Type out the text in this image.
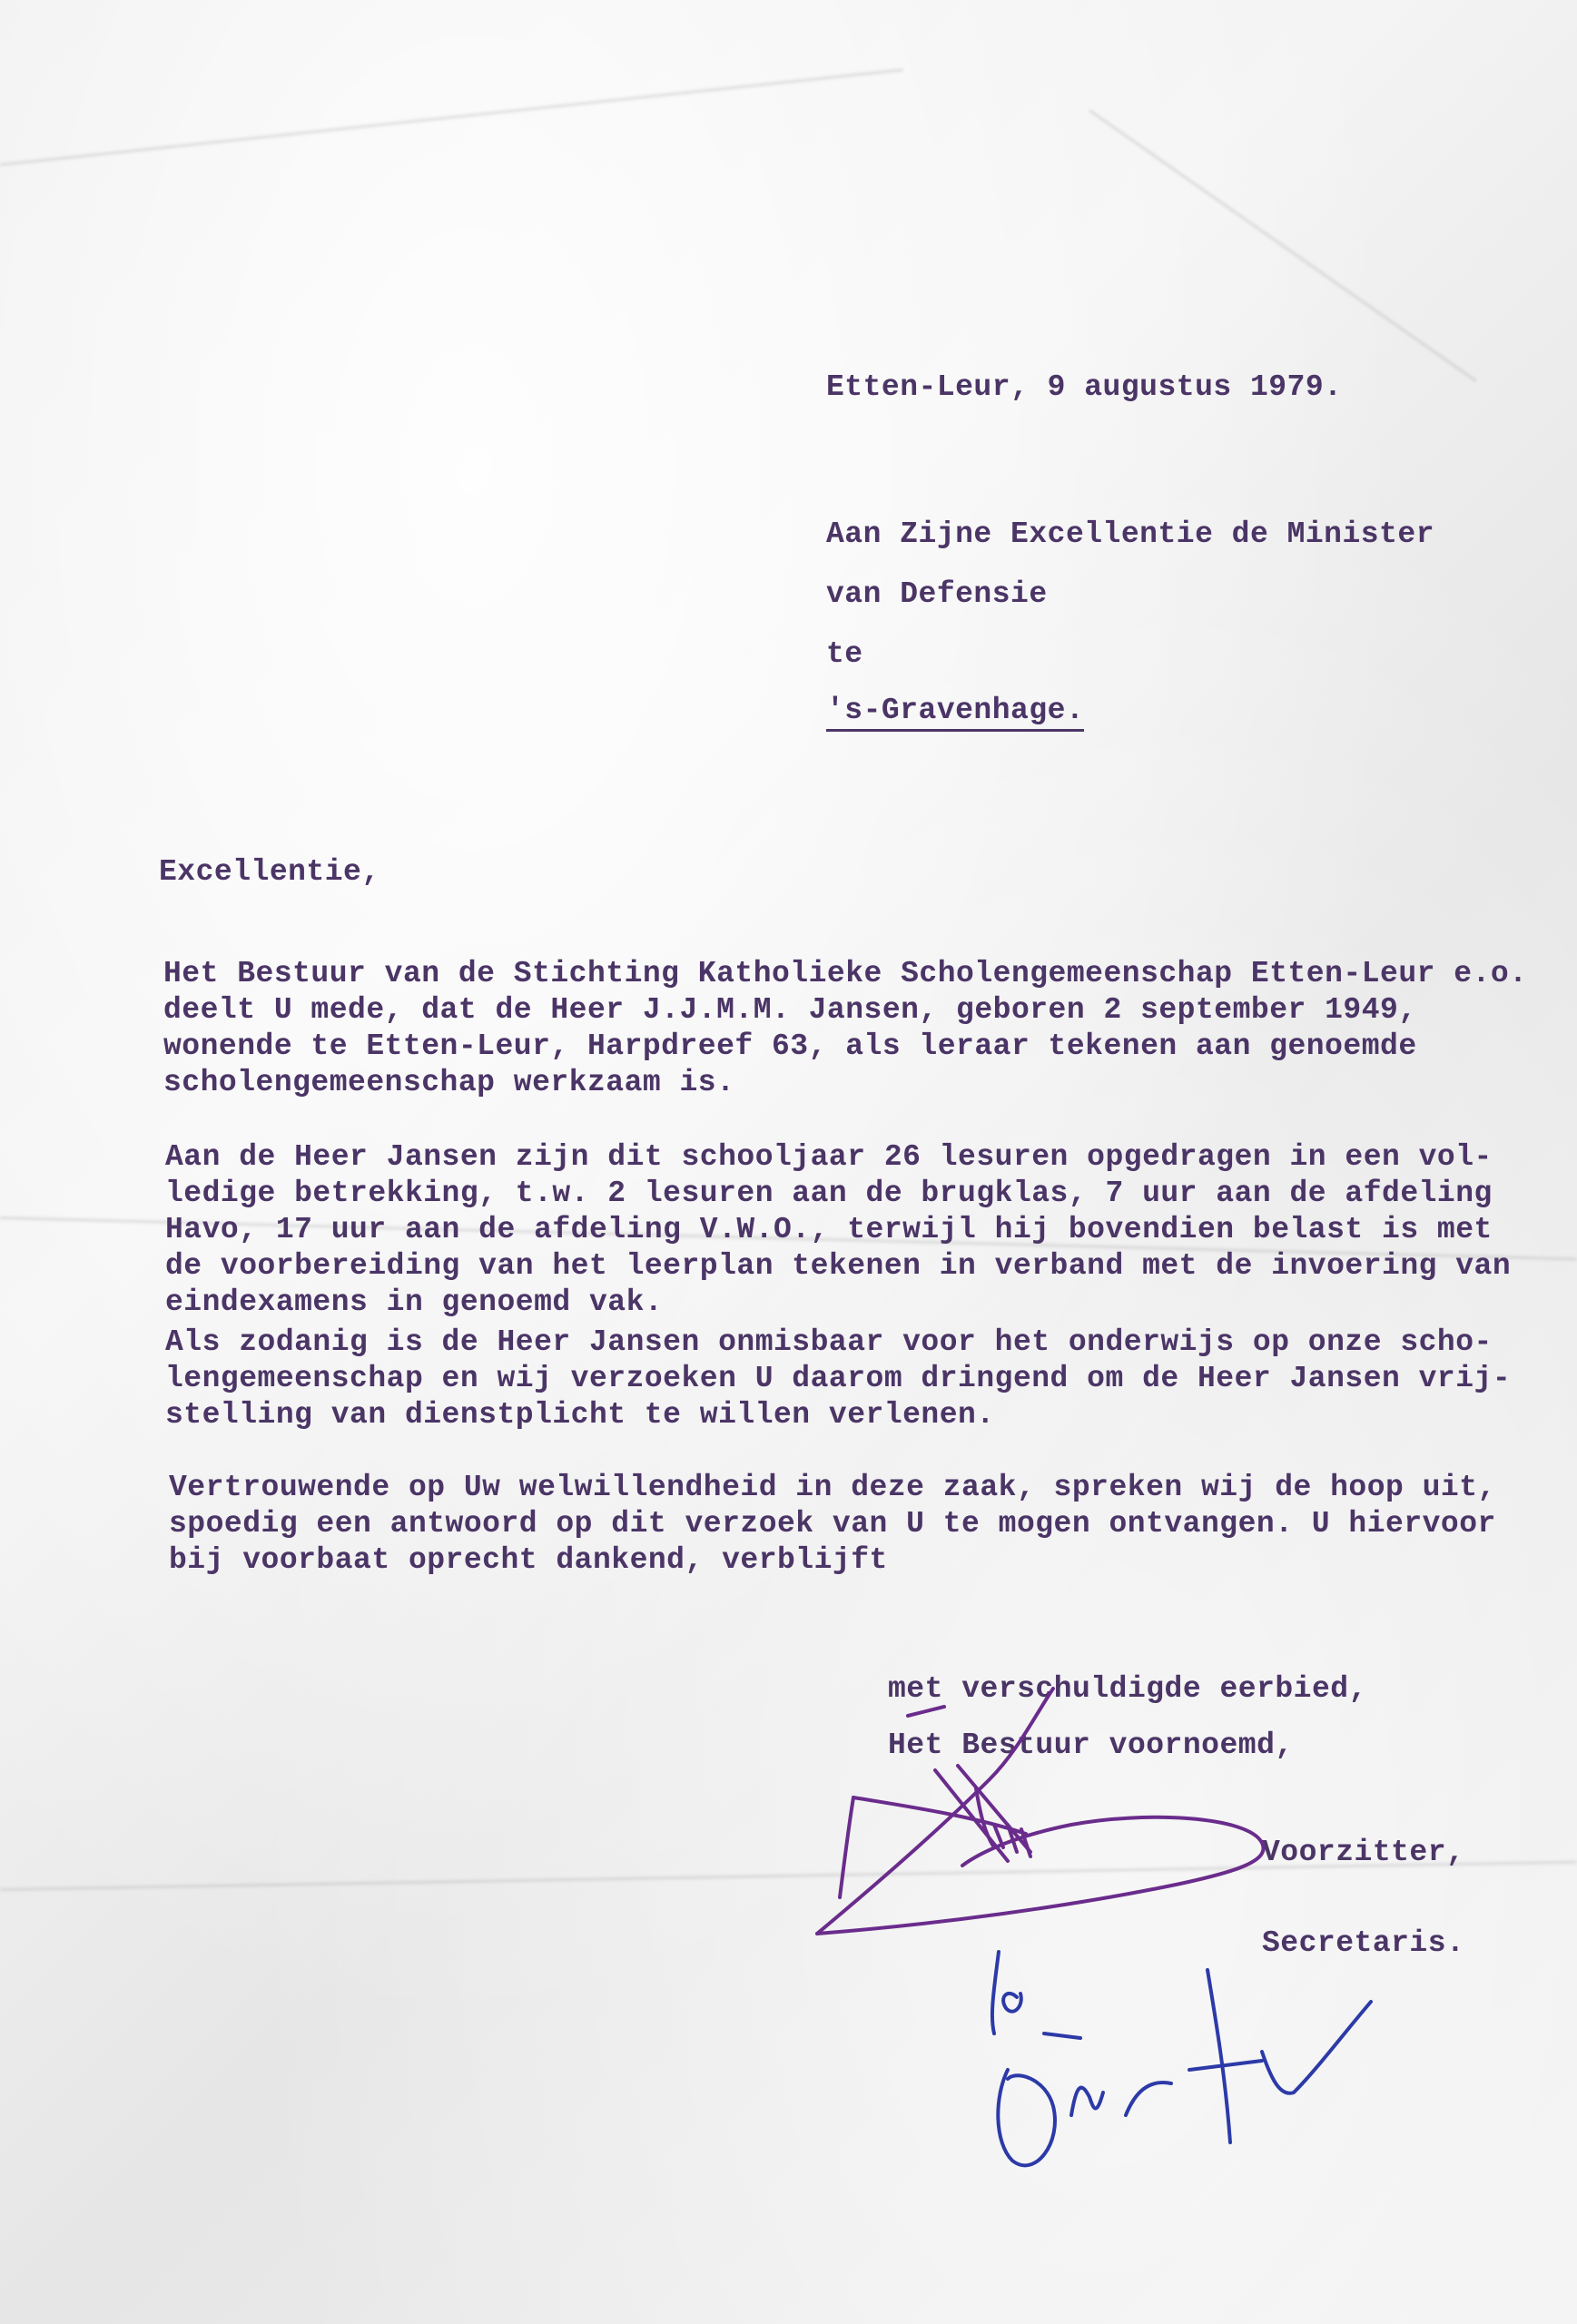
Etten-Leur, 9 augustus 1979.
Aan Zijne Excellentie de Minister
van Defensie
te
's-Gravenhage.
Excellentie,
Het Bestuur van de Stichting Katholieke Scholengemeenschap Etten-Leur e.o.
deelt U mede, dat de Heer J.J.M.M. Jansen, geboren 2 september 1949,
wonende te Etten-Leur, Harpdreef 63, als leraar tekenen aan genoemde
scholengemeenschap werkzaam is.
Aan de Heer Jansen zijn dit schooljaar 26 lesuren opgedragen in een vol-
ledige betrekking, t.w. 2 lesuren aan de brugklas, 7 uur aan de afdeling
Havo, 17 uur aan de afdeling V.W.O., terwijl hij bovendien belast is met
de voorbereiding van het leerplan tekenen in verband met de invoering van
eindexamens in genoemd vak.
Als zodanig is de Heer Jansen onmisbaar voor het onderwijs op onze scho-
lengemeenschap en wij verzoeken U daarom dringend om de Heer Jansen vrij-
stelling van dienstplicht te willen verlenen.
Vertrouwende op Uw welwillendheid in deze zaak, spreken wij de hoop uit,
spoedig een antwoord op dit verzoek van U te mogen ontvangen. U hiervoor
bij voorbaat oprecht dankend, verblijft
met verschuldigde eerbied,
Het Bestuur voornoemd,
Voorzitter,
Secretaris.
